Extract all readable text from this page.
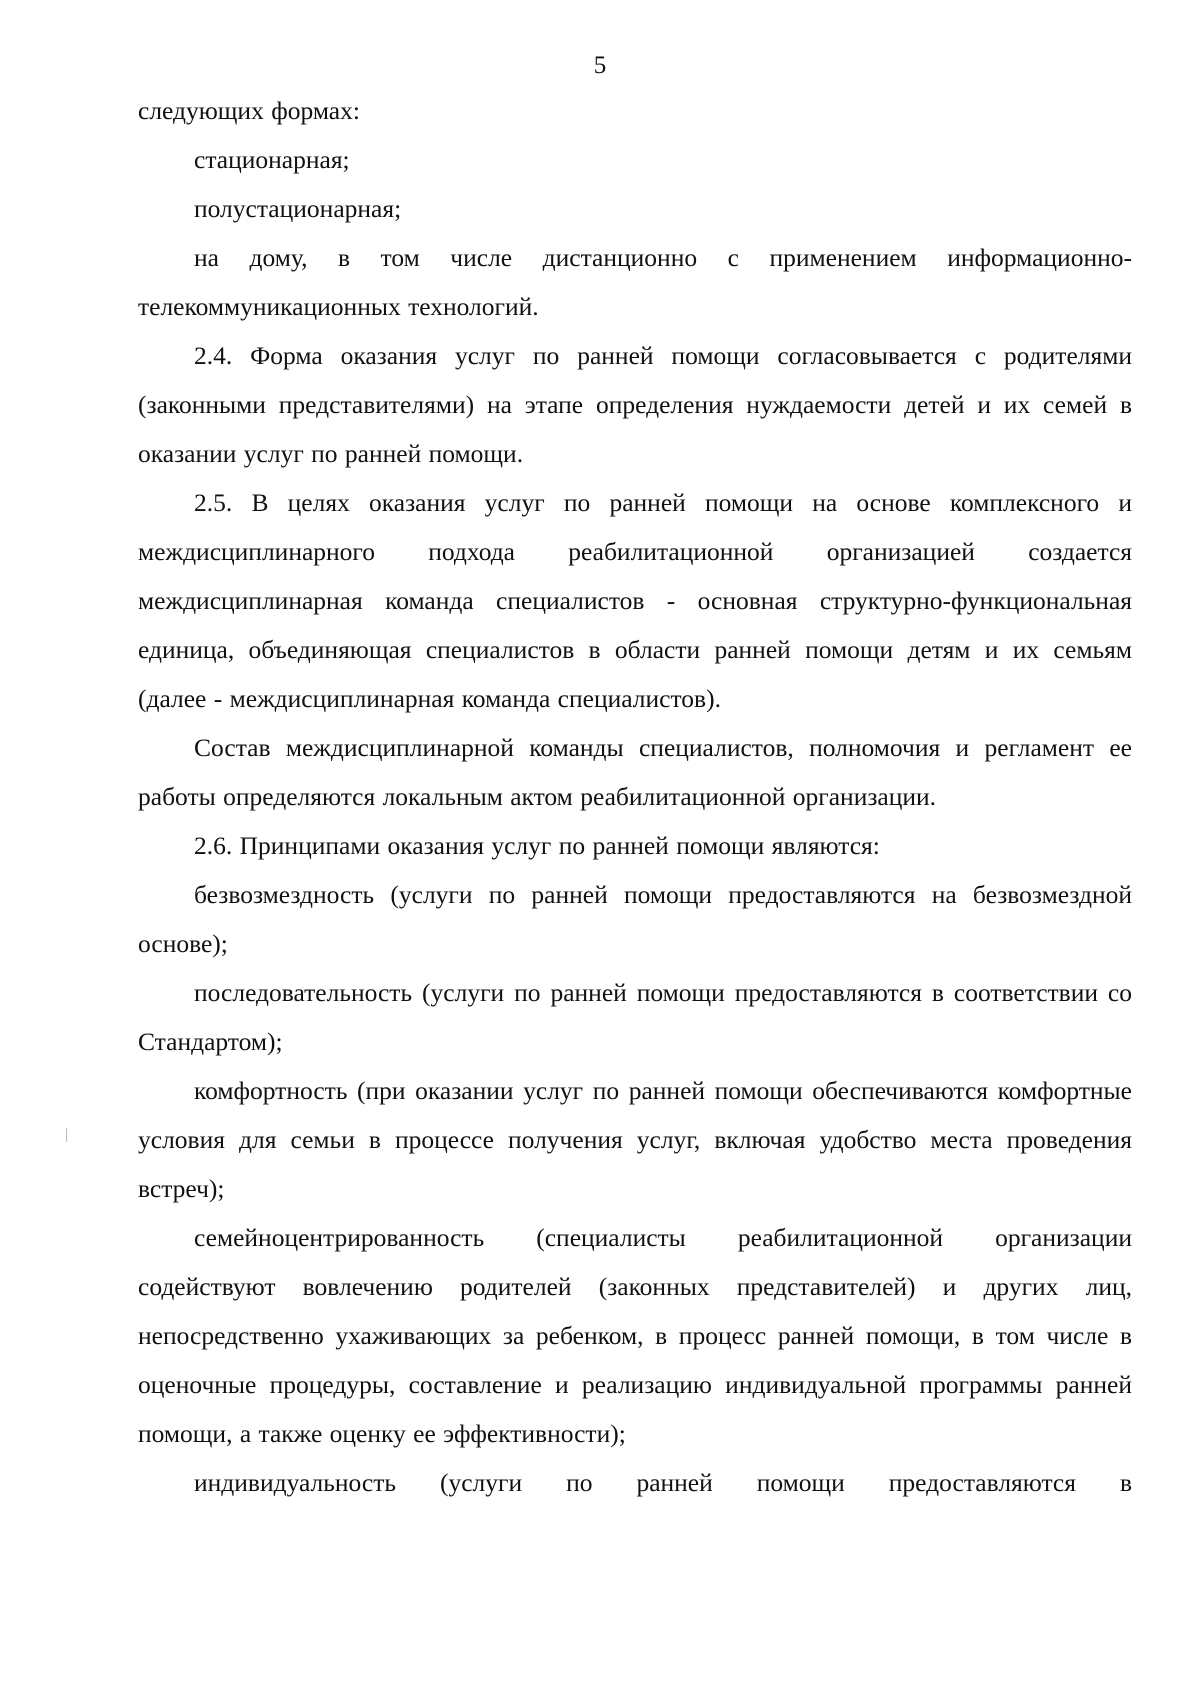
5

следующих формах:

стационарная;

полустационарная;

на дому, в том числе дистанционно с применением информационно-телекоммуникационных технологий.

2.4. Форма оказания услуг по ранней помощи согласовывается с родителями (законными представителями) на этапе определения нуждаемости детей и их семей в оказании услуг по ранней помощи.

2.5. В целях оказания услуг по ранней помощи на основе комплексного и междисциплинарного подхода реабилитационной организацией создается междисциплинарная команда специалистов - основная структурно-функциональная единица, объединяющая специалистов в области ранней помощи детям и их семьям (далее - междисциплинарная команда специалистов).

Состав междисциплинарной команды специалистов, полномочия и регламент ее работы определяются локальным актом реабилитационной организации.

2.6. Принципами оказания услуг по ранней помощи являются:

безвозмездность (услуги по ранней помощи предоставляются на безвозмездной основе);

последовательность (услуги по ранней помощи предоставляются в соответствии со Стандартом);

комфортность (при оказании услуг по ранней помощи обеспечиваются комфортные условия для семьи в процессе получения услуг, включая удобство места проведения встреч);

семейноцентрированность (специалисты реабилитационной организации содействуют вовлечению родителей (законных представителей) и других лиц, непосредственно ухаживающих за ребенком, в процесс ранней помощи, в том числе в оценочные процедуры, составление и реализацию индивидуальной программы ранней помощи, а также оценку ее эффективности);

индивидуальность (услуги по ранней помощи предоставляются в
